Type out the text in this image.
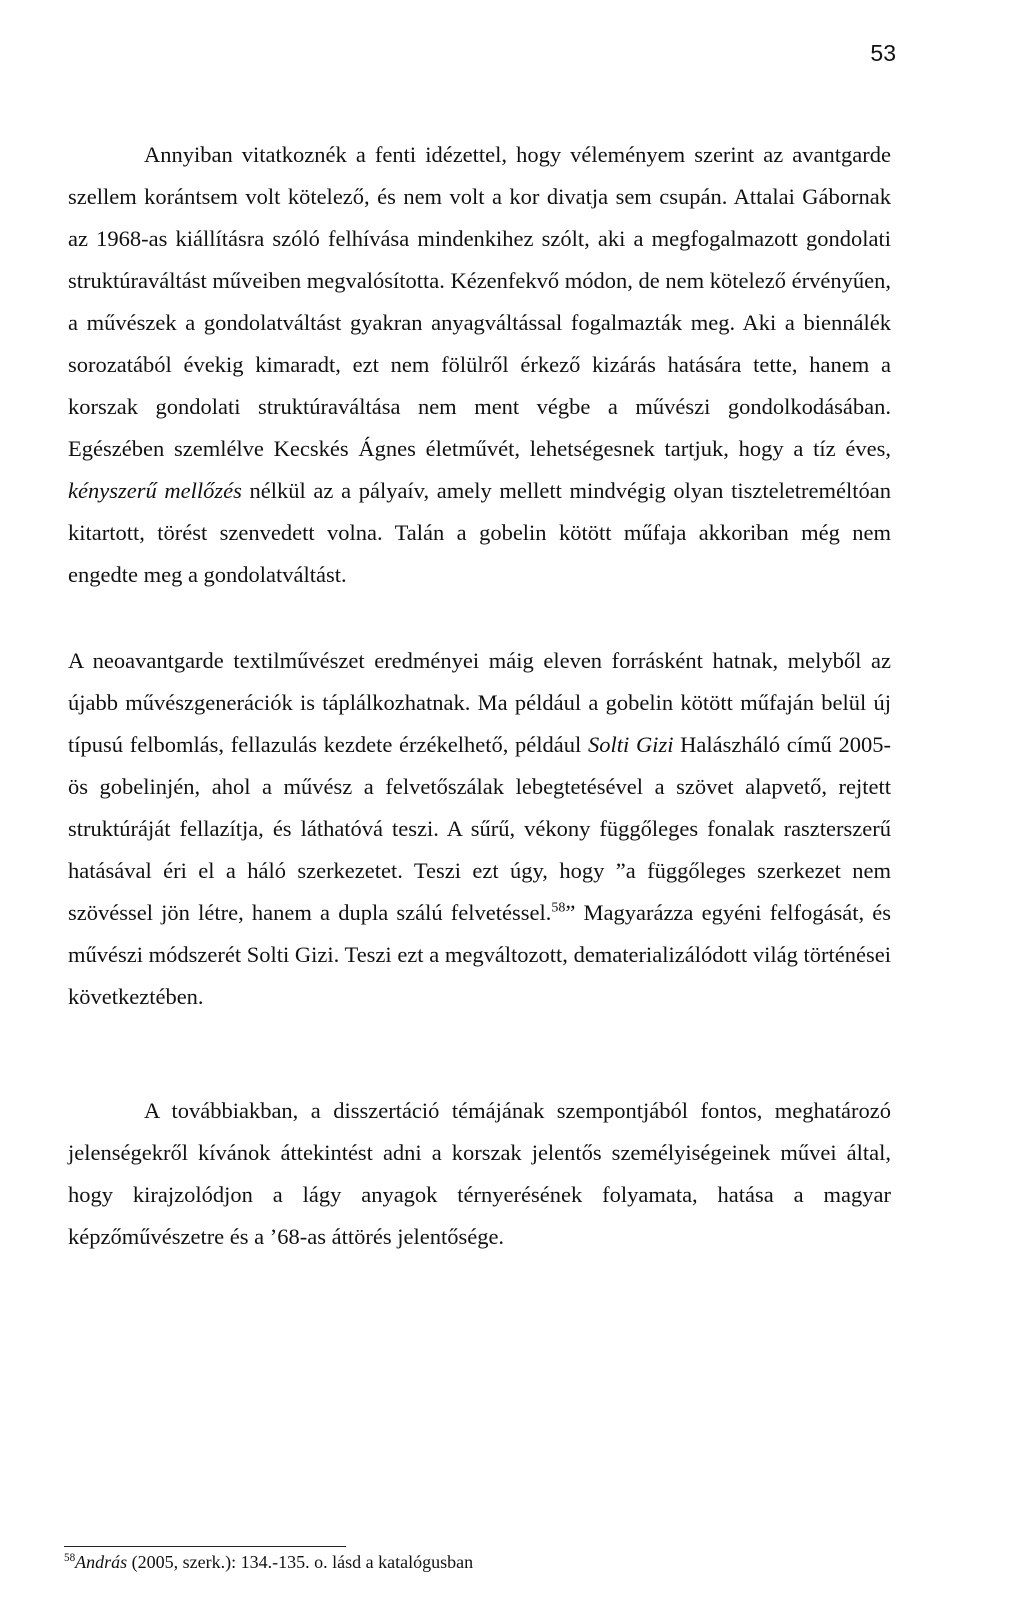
53

Annyiban vitatkoznék a fenti idézettel, hogy véleményem szerint az avantgarde szellem korántsem volt kötelező, és nem volt a kor divatja sem csupán. Attalai Gábornak az 1968-as kiállításra szóló felhívása mindenkihez szólt, aki a megfogalmazott gondolati struktúraváltást műveiben megvalósította. Kézenfekvő módon, de nem kötelező érvényűen, a művészek a gondolatváltást gyakran anyagváltással fogalmazták meg. Aki a biennálék sorozatából évekig kimaradt, ezt nem fölülről érkező kizárás hatására tette, hanem a korszak gondolati struktúraváltása nem ment végbe a művészi gondolkodásában. Egészében szemlélve Kecskés Ágnes életművét, lehetségesnek tartjuk, hogy a tíz éves, kényszerű mellőzés nélkül az a pályaív, amely mellett mindvégig olyan tiszteletreméltóan kitartott, törést szenvedett volna. Talán a gobelin kötött műfaja akkoriban még nem engedte meg a gondolatváltást.

A neoavantgarde textilművészet eredményei máig eleven forrásként hatnak, melyből az újabb művészgenerációk is táplálkozhatnak. Ma például a gobelin kötött műfaján belül új típusú felbomlás, fellazulás kezdete érzékelhető, például Solti Gizi Halászháló című 2005-ös gobelinjén, ahol a művész a felvetőszálak lebegtetésével a szövet alapvető, rejtett struktúráját fellazítja, és láthatóvá teszi. A sűrű, vékony függőleges fonalak raszterszerű hatásával éri el a háló szerkezetet. Teszi ezt úgy, hogy ”a függőleges szerkezet nem szövéssel jön létre, hanem a dupla szálú felvetéssel.$^{58}$” Magyarázza egyéni felfogását, és művészi módszerét Solti Gizi. Teszi ezt a megváltozott, dematerializálódott világ történései következtében.

A továbbiakban, a disszertáció témájának szempontjából fontos, meghatározó jelenségekről kívánok áttekintést adni a korszak jelentős személyiségeinek művei által, hogy kirajzolódjon a lágy anyagok térnyerésének folyamata, hatása a magyar képzőművészetre és a ’68-as áttörés jelentősége.

$^{58}$András (2005, szerk.): 134.-135. o. lásd a katalógusban
